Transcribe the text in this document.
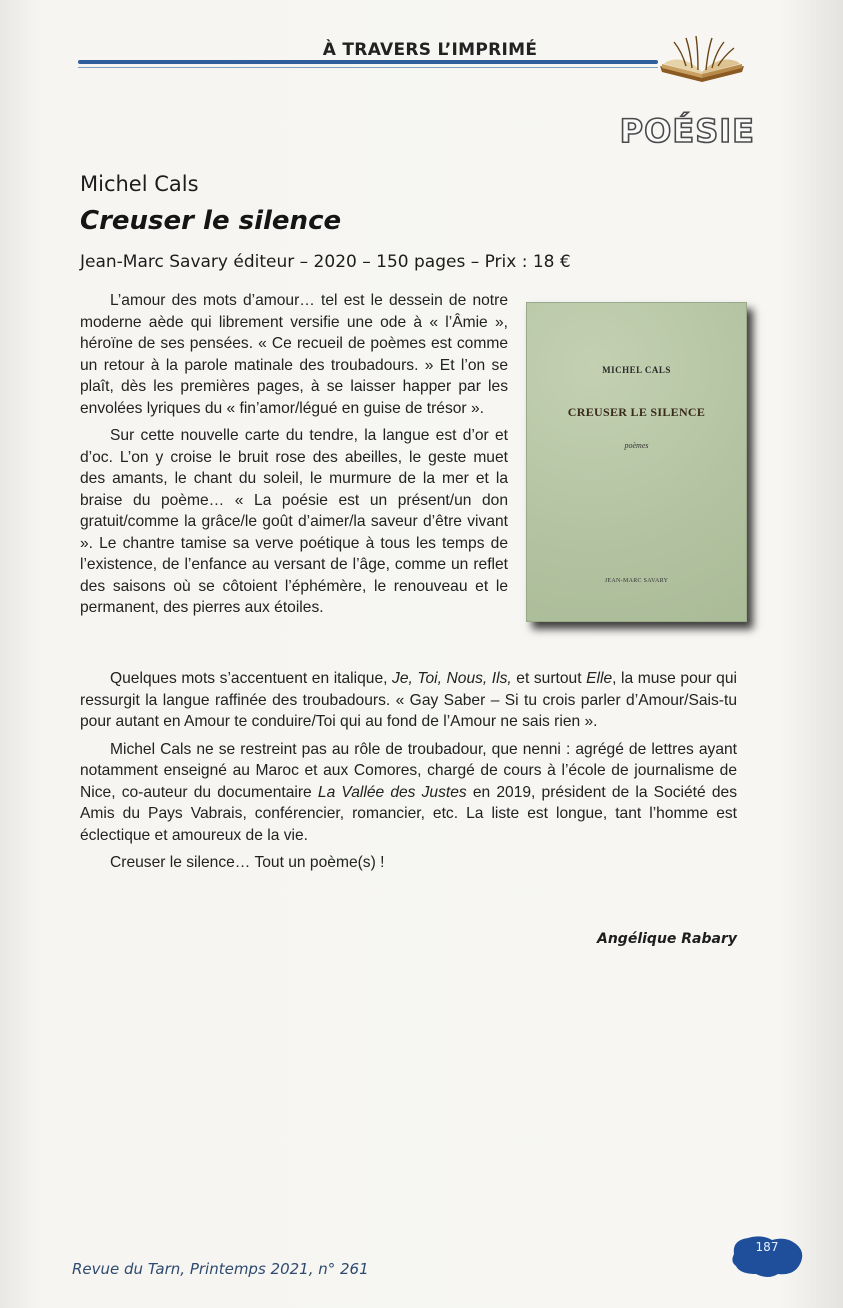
À TRAVERS L’IMPRIMÉ
POÉSIE
Michel Cals
Creuser le silence
Jean-Marc Savary éditeur – 2020 – 150 pages – Prix : 18 €

L’amour des mots d’amour… tel est le dessein de notre moderne aède qui librement versifie une ode à « l’Âmie », héroïne de ses pensées. « Ce recueil de poèmes est comme un retour à la parole matinale des troubadours. » Et l’on se plaît, dès les premières pages, à se laisser happer par les envolées lyriques du « fin’amor/légué en guise de trésor ».

Sur cette nouvelle carte du tendre, la langue est d’or et d’oc. L’on y croise le bruit rose des abeilles, le geste muet des amants, le chant du soleil, le murmure de la mer et la braise du poème… « La poésie est un présent/un don gratuit/comme la grâce/le goût d’aimer/la saveur d’être vivant ». Le chantre tamise sa verve poétique à tous les temps de l’existence, de l’enfance au versant de l’âge, comme un reflet des saisons où se côtoient l’éphémère, le renouveau et le permanent, des pierres aux étoiles.

MICHEL CALS
CREUSER LE SILENCE
poèmes
JEAN-MARC SAVARY

Quelques mots s’accentuent en italique, Je, Toi, Nous, Ils, et surtout Elle, la muse pour qui ressurgit la langue raffinée des troubadours. « Gay Saber – Si tu crois parler d’Amour/Sais-tu pour autant en Amour te conduire/Toi qui au fond de l’Amour ne sais rien ».

Michel Cals ne se restreint pas au rôle de troubadour, que nenni : agrégé de lettres ayant notamment enseigné au Maroc et aux Comores, chargé de cours à l’école de journalisme de Nice, co-auteur du documentaire La Vallée des Justes en 2019, président de la Société des Amis du Pays Vabrais, conférencier, romancier, etc. La liste est longue, tant l’homme est éclectique et amoureux de la vie.

Creuser le silence… Tout un poème(s) !

Angélique Rabary
Revue du Tarn, Printemps 2021, n° 261
187
